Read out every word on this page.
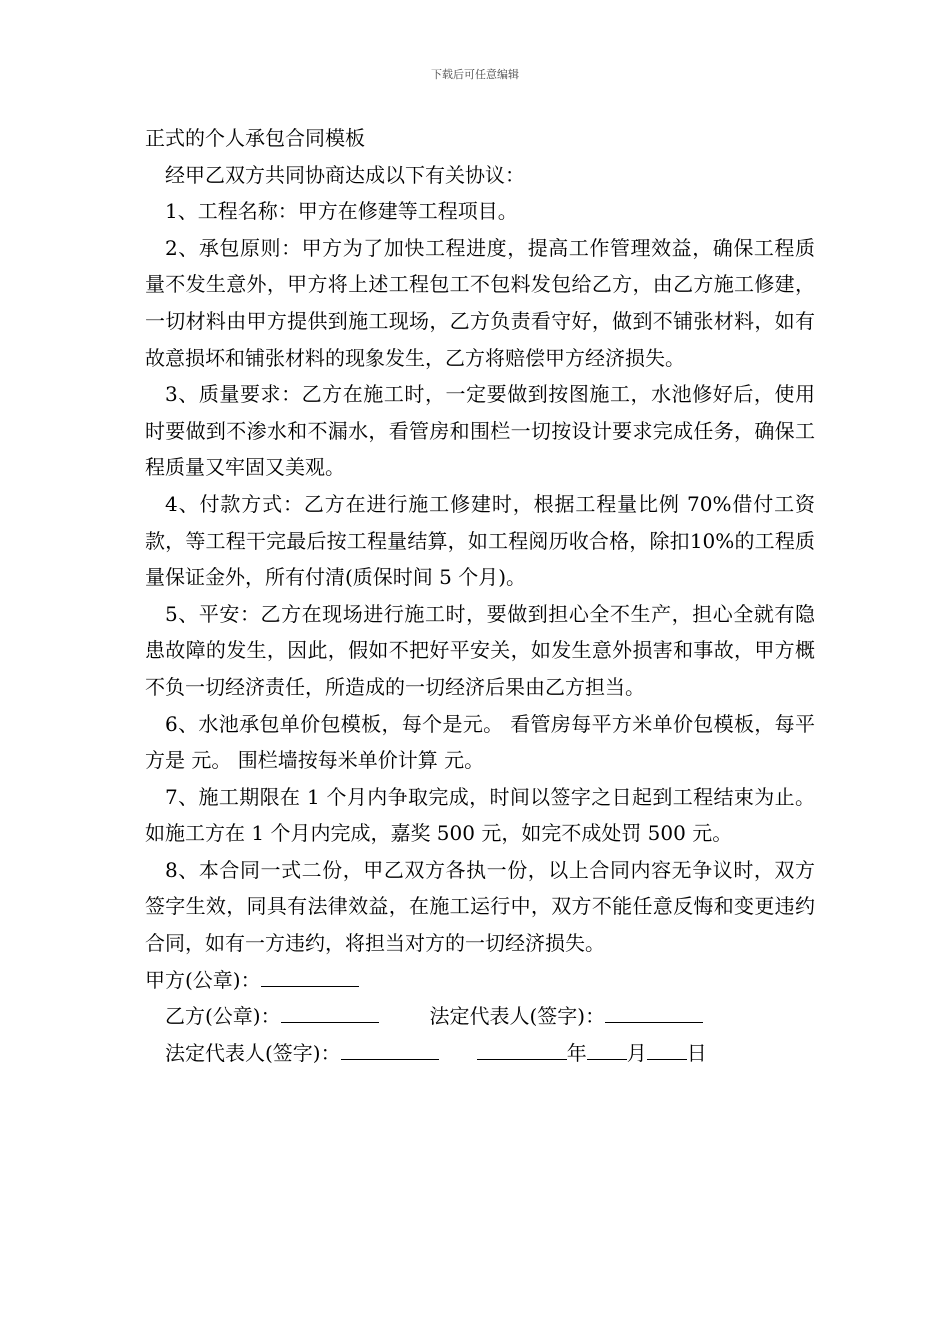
下载后可任意编辑

正式的个人承包合同模板

经甲乙双方共同协商达成以下有关协议：

1、工程名称：甲方在修建等工程项目。

2、承包原则：甲方为了加快工程进度，提高工作管理效益，确保工程质量不发生意外，甲方将上述工程包工不包料发包给乙方，由乙方施工修建，一切材料由甲方提供到施工现场，乙方负责看守好，做到不铺张材料，如有故意损坏和铺张材料的现象发生，乙方将赔偿甲方经济损失。

3、质量要求：乙方在施工时，一定要做到按图施工，水池修好后，使用时要做到不渗水和不漏水，看管房和围栏一切按设计要求完成任务，确保工程质量又牢固又美观。

4、付款方式：乙方在进行施工修建时，根据工程量比例 70%借付工资款，等工程干完最后按工程量结算，如工程阅历收合格，除扣10%的工程质量保证金外，所有付清(质保时间 5 个月)。

5、平安：乙方在现场进行施工时，要做到担心全不生产，担心全就有隐患故障的发生，因此，假如不把好平安关，如发生意外损害和事故，甲方概不负一切经济责任，所造成的一切经济后果由乙方担当。

6、水池承包单价包模板，每个是元。 看管房每平方米单价包模板，每平方是 元。 围栏墙按每米单价计算 元。

7、施工期限在 1 个月内争取完成，时间以签字之日起到工程结束为止。如施工方在 1 个月内完成，嘉奖 500 元，如完不成处罚 500 元。

8、本合同一式二份，甲乙双方各执一份，以上合同内容无争议时，双方签字生效，同具有法律效益，在施工运行中，双方不能任意反悔和变更违约合同，如有一方违约，将担当对方的一切经济损失。

甲方(公章)：

乙方(公章)：	法定代表人(签字)：

法定代表人(签字)：	年 月 日
